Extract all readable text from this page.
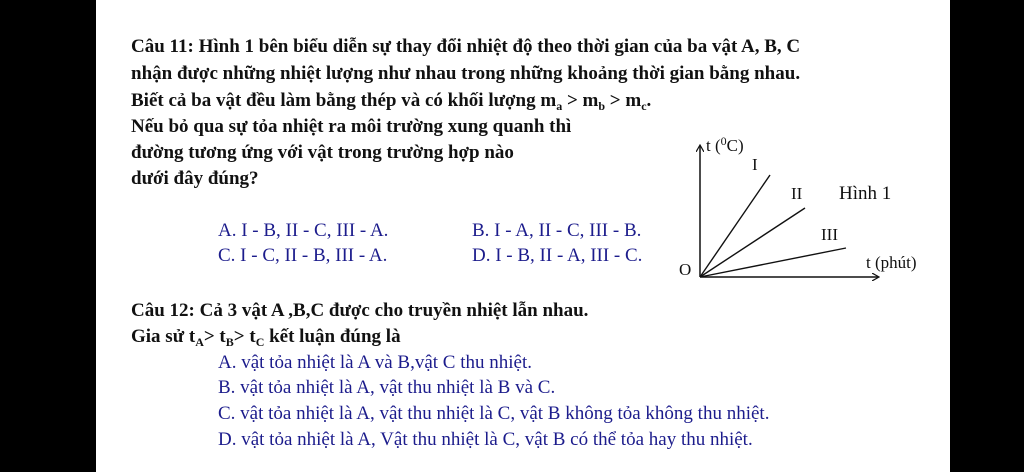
Câu 11: Hình 1 bên biểu diễn sự thay đổi nhiệt độ theo thời gian của ba vật A, B, C
nhận được những nhiệt lượng như nhau trong những khoảng thời gian bằng nhau.
Biết cả ba vật đều làm bằng thép và có khối lượng $m_a > m_b > m_c$.
Nếu bỏ qua sự tỏa nhiệt ra môi trường xung quanh thì
đường tương ứng với vật trong trường hợp nào
dưới đây đúng?
A. I - B, II - C, III - A.	B. I - A, II - C, III - B.
C. I - C, II - B, III - A.	D. I - B, II - A, III - C.
t ($^0$C)
I
II
III
Hình 1
O	t (phút)
Câu 12: Cả 3 vật A ,B,C được cho truyền nhiệt lẫn nhau.
Gia sử $t_A> t_B> t_C$ kết luận đúng là
A. vật tỏa nhiệt là A và B,vật C thu nhiệt.
B. vật tỏa nhiệt là A, vật thu nhiệt là B và C.
C. vật tỏa nhiệt là A, vật thu nhiệt là C, vật B không tỏa không thu nhiệt.
D. vật tỏa nhiệt là A, Vật thu nhiệt là C, vật B có thể tỏa hay thu nhiệt.
